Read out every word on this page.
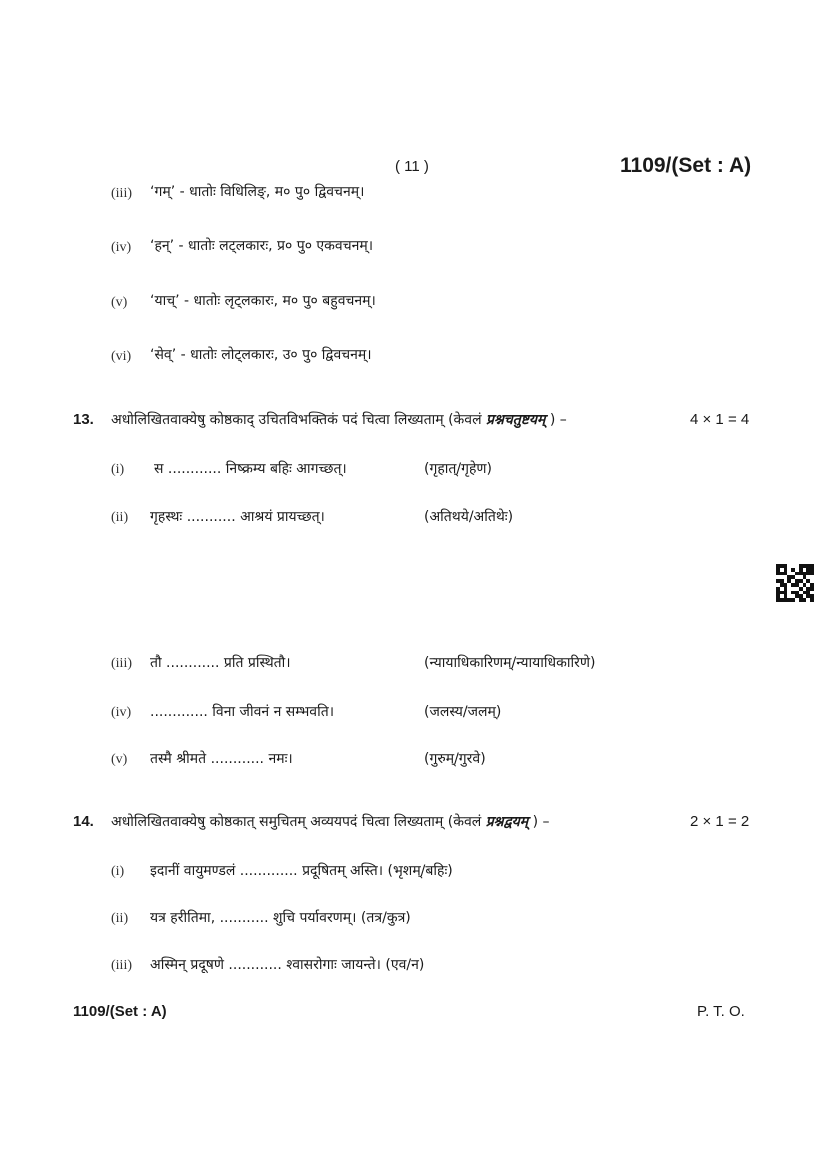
( 11 )	1109/(Set : A)
(iii) ‘गम्’ - धातोः विधिलिङ्, म० पु० द्विवचनम्।
(iv) ‘हन्’ - धातोः लट्लकारः, प्र० पु० एकवचनम्।
(v) ‘याच्’ - धातोः लृट्लकारः, म० पु० बहुवचनम्।
(vi) ‘सेव्’ - धातोः लोट्लकारः, उ० पु० द्विवचनम्।
13. अधोलिखितवाक्येषु कोष्ठकाद् उचितविभक्तिकं पदं चित्वा लिख्यताम् (केवलं प्रश्नचतुष्टयम् ) –	4 × 1 = 4
(i) स ............ निष्क्रम्य बहिः आगच्छत्।	(गृहात्/गृहेण)
(ii) गृहस्थः ........... आश्रयं प्रायच्छत्।	(अतिथये/अतिथेः)
(iii) तौ ............ प्रति प्रस्थितौ।	(न्यायाधिकारिणम्/न्यायाधिकारिणे)
(iv) ............. विना जीवनं न सम्भवति।	(जलस्य/जलम्)
(v) तस्मै श्रीमते ............ नमः।	(गुरुम्/गुरवे)
14. अधोलिखितवाक्येषु कोष्ठकात् समुचितम् अव्ययपदं चित्वा लिख्यताम् (केवलं प्रश्नद्वयम् ) –	2 × 1 = 2
(i) इदानीं वायुमण्डलं ............. प्रदूषितम् अस्ति। (भृशम्/बहिः)
(ii) यत्र हरीतिमा, ........... शुचि पर्यावरणम्। (तत्र/कुत्र)
(iii) अस्मिन् प्रदूषणे ............ श्वासरोगाः जायन्ते। (एव/न)
1109/(Set : A)	P. T. O.
